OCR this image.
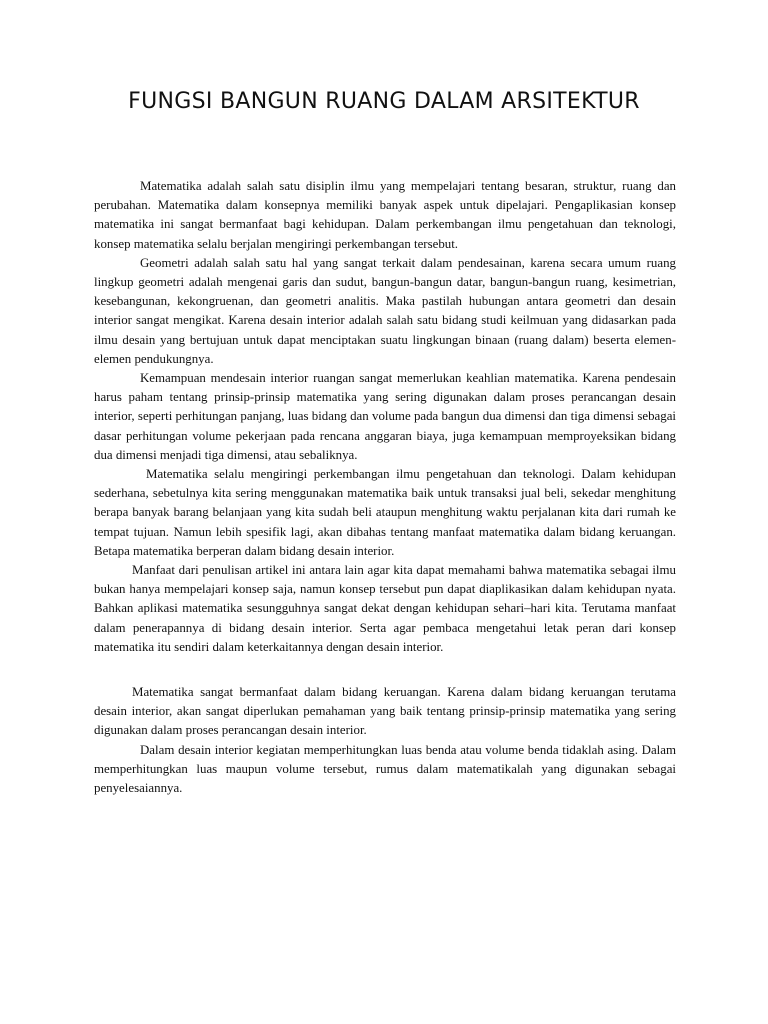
FUNGSI BANGUN RUANG DALAM ARSITEKTUR

Matematika adalah salah satu disiplin ilmu yang mempelajari tentang besaran, struktur, ruang dan perubahan. Matematika dalam konsepnya memiliki banyak aspek untuk dipelajari. Pengaplikasian konsep matematika ini sangat bermanfaat bagi kehidupan. Dalam perkembangan ilmu pengetahuan dan teknologi, konsep matematika selalu berjalan mengiringi perkembangan tersebut.

Geometri adalah salah satu hal yang sangat terkait dalam pendesainan, karena secara umum ruang lingkup geometri adalah mengenai garis dan sudut, bangun-bangun datar, bangun-bangun ruang, kesimetrian, kesebangunan, kekongruenan, dan geometri analitis. Maka pastilah hubungan antara geometri dan desain interior sangat mengikat. Karena desain interior adalah salah satu bidang studi keilmuan yang didasarkan pada ilmu desain yang bertujuan untuk dapat menciptakan suatu lingkungan binaan (ruang dalam) beserta elemen-elemen pendukungnya.

Kemampuan mendesain interior ruangan sangat memerlukan keahlian matematika. Karena pendesain harus paham tentang prinsip-prinsip matematika yang sering digunakan dalam proses perancangan desain interior, seperti perhitungan panjang, luas bidang dan volume pada bangun dua dimensi dan tiga dimensi sebagai dasar perhitungan volume pekerjaan pada rencana anggaran biaya, juga kemampuan memproyeksikan bidang dua dimensi menjadi tiga dimensi, atau sebaliknya.

Matematika selalu mengiringi perkembangan ilmu pengetahuan dan teknologi. Dalam kehidupan sederhana, sebetulnya kita sering menggunakan matematika baik untuk transaksi jual beli, sekedar menghitung berapa banyak barang belanjaan yang kita sudah beli ataupun menghitung waktu perjalanan kita dari rumah ke tempat tujuan. Namun lebih spesifik lagi, akan dibahas tentang manfaat matematika dalam bidang keruangan. Betapa matematika berperan dalam bidang desain interior.

Manfaat dari penulisan artikel ini antara lain agar kita dapat memahami bahwa matematika sebagai ilmu bukan hanya mempelajari konsep saja, namun konsep tersebut pun dapat diaplikasikan dalam kehidupan nyata. Bahkan aplikasi matematika sesungguhnya sangat dekat dengan kehidupan sehari–hari kita. Terutama manfaat dalam penerapannya di bidang desain interior. Serta agar pembaca mengetahui letak peran dari konsep matematika itu sendiri dalam keterkaitannya dengan desain interior.

Matematika sangat bermanfaat dalam bidang keruangan. Karena dalam bidang keruangan terutama desain interior, akan sangat diperlukan pemahaman yang baik tentang prinsip-prinsip matematika yang sering digunakan dalam proses perancangan desain interior.

Dalam desain interior kegiatan memperhitungkan luas benda atau volume benda tidaklah asing. Dalam memperhitungkan luas maupun volume tersebut, rumus dalam matematikalah yang digunakan sebagai penyelesaiannya.
